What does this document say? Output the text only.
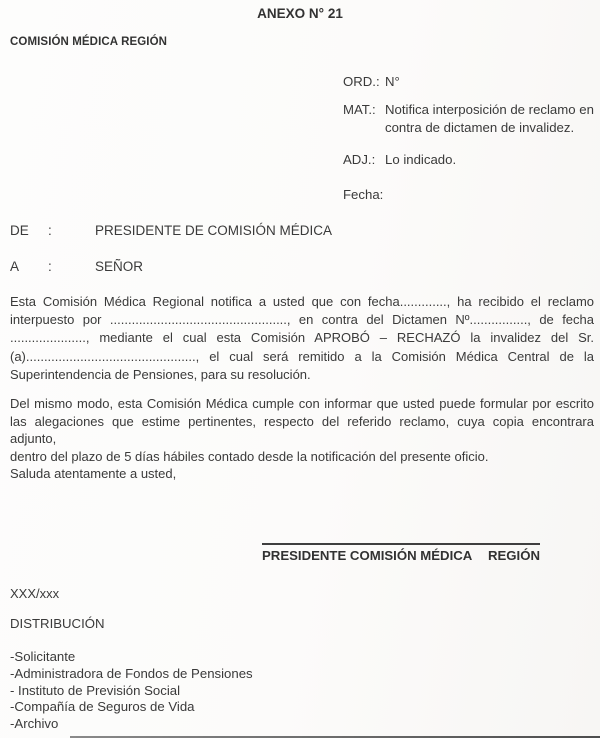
ANEXO N° 21
COMISIÓN MÉDICA REGIÓN
ORD.: N°
MAT.: Notifica interposición de reclamo en
contra de dictamen de invalidez.
ADJ.: Lo indicado.
Fecha:
DE	:	PRESIDENTE DE COMISIÓN MÉDICA
A	:	SEÑOR
Esta Comisión Médica Regional notifica a usted que con fecha............., ha recibido el reclamo
interpuesto por ................................................., en contra del Dictamen Nº................, de fecha
....................., mediante el cual esta Comisión APROBÓ – RECHAZÓ la invalidez del Sr.
(a)..............................................., el cual será remitido a la Comisión Médica Central de la
Superintendencia de Pensiones, para su resolución.
Del mismo modo, esta Comisión Médica cumple con informar que usted puede formular por escrito
las alegaciones que estime pertinentes, respecto del referido reclamo, cuya copia encontrara adjunto,
dentro del plazo de 5 días hábiles contado desde la notificación del presente oficio.
Saluda atentamente a usted,
PRESIDENTE COMISIÓN MÉDICA REGIÓN
XXX/xxx
DISTRIBUCIÓN
-Solicitante
-Administradora de Fondos de Pensiones
- Instituto de Previsión Social
-Compañía de Seguros de Vida
-Archivo
